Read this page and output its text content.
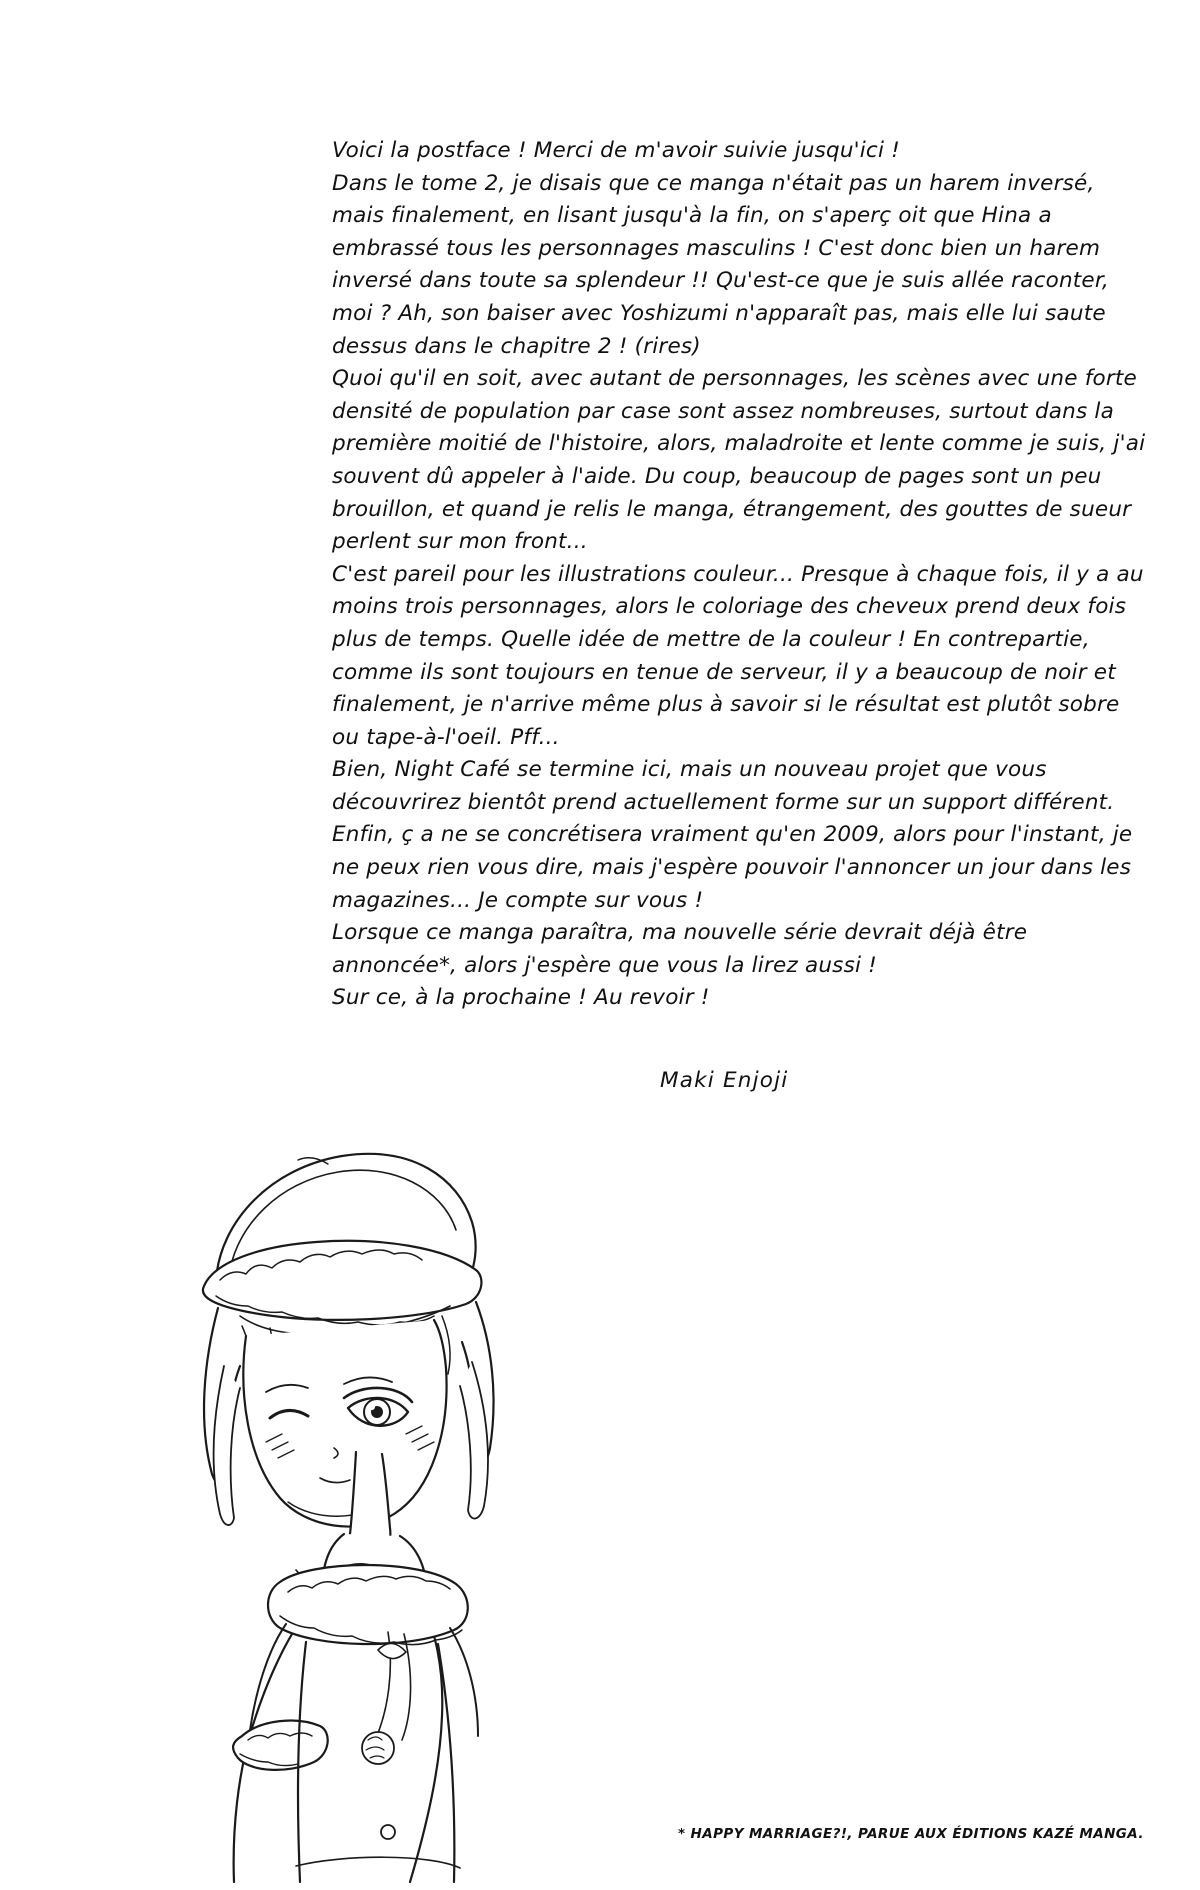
Voici la postface ! Merci de m'avoir suivie jusqu'ici !

Dans le tome 2, je disais que ce manga n'était pas un harem inversé, mais finalement, en lisant jusqu'à la fin, on s'aperç oit que Hina a embrassé tous les personnages masculins ! C'est donc bien un harem inversé dans toute sa splendeur !! Qu'est-ce que je suis allée raconter, moi ? Ah, son baiser avec Yoshizumi n'apparaît pas, mais elle lui saute dessus dans le chapitre 2 ! (rires)

Quoi qu'il en soit, avec autant de personnages, les scènes avec une forte densité de population par case sont assez nombreuses, surtout dans la première moitié de l'histoire, alors, maladroite et lente comme je suis, j'ai souvent dû appeler à l'aide. Du coup, beaucoup de pages sont un peu brouillon, et quand je relis le manga, étrangement, des gouttes de sueur perlent sur mon front...

C'est pareil pour les illustrations couleur... Presque à chaque fois, il y a au moins trois personnages, alors le coloriage des cheveux prend deux fois plus de temps. Quelle idée de mettre de la couleur ! En contrepartie, comme ils sont toujours en tenue de serveur, il y a beaucoup de noir et finalement, je n'arrive même plus à savoir si le résultat est plutôt sobre ou tape-à-l'oeil. Pff...

Bien, Night Café se termine ici, mais un nouveau projet que vous découvrirez bientôt prend actuellement forme sur un support différent. Enfin, ç a ne se concrétisera vraiment qu'en 2009, alors pour l'instant, je ne peux rien vous dire, mais j'espère pouvoir l'annoncer un jour dans les magazines... Je compte sur vous !

Lorsque ce manga paraîtra, ma nouvelle série devrait déjà être annoncée*, alors j'espère que vous la lirez aussi !

Sur ce, à la prochaine ! Au revoir !

Maki Enjoji
* HAPPY MARRIAGE?!, PARUE AUX ÉDITIONS KAZÉ MANGA.
